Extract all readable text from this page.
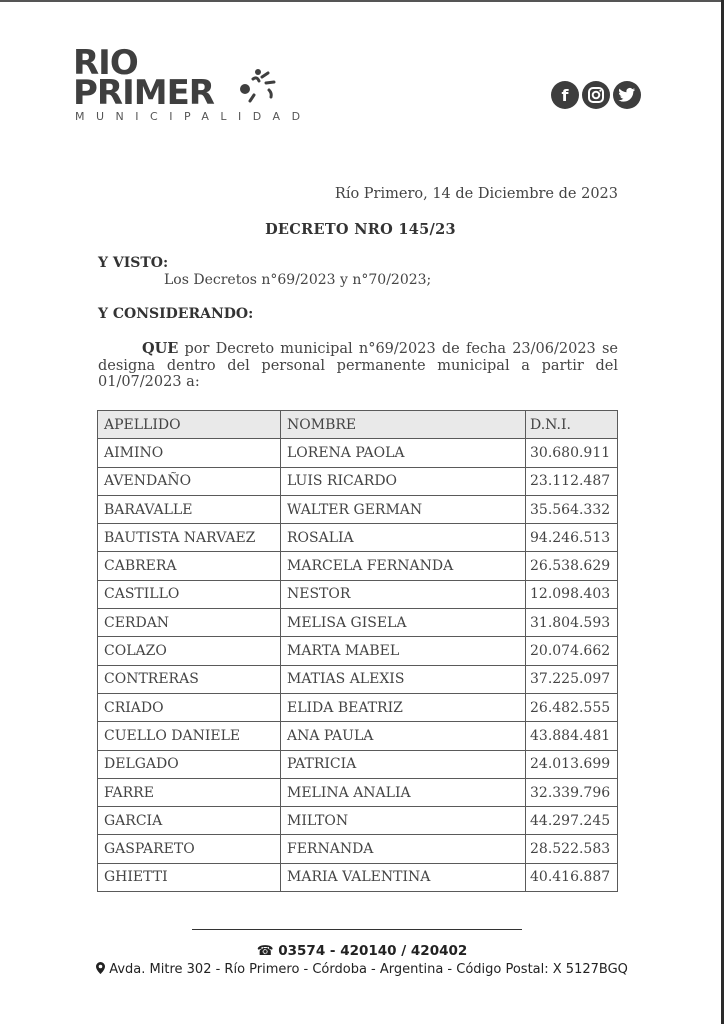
RIO
PRIMER
MUNICIPALIDAD
f
Río Primero, 14 de Diciembre de 2023
DECRETO NRO 145/23
Y VISTO:
Los Decretos n°69/2023 y n°70/2023;
Y CONSIDERANDO:
QUE por Decreto municipal n°69/2023 de fecha 23/06/2023 se designa dentro del personal permanente municipal a partir del 01/07/2023 a:
APELLIDO	NOMBRE	D.N.I.
AIMINO	LORENA PAOLA	30.680.911
AVENDAÑO	LUIS RICARDO	23.112.487
BARAVALLE	WALTER GERMAN	35.564.332
BAUTISTA NARVAEZ	ROSALIA	94.246.513
CABRERA	MARCELA FERNANDA	26.538.629
CASTILLO	NESTOR	12.098.403
CERDAN	MELISA GISELA	31.804.593
COLAZO	MARTA MABEL	20.074.662
CONTRERAS	MATIAS ALEXIS	37.225.097
CRIADO	ELIDA BEATRIZ	26.482.555
CUELLO DANIELE	ANA PAULA	43.884.481
DELGADO	PATRICIA	24.013.699
FARRE	MELINA ANALIA	32.339.796
GARCIA	MILTON	44.297.245
GASPARETO	FERNANDA	28.522.583
GHIETTI	MARIA VALENTINA	40.416.887
☎ 03574 - 420140 / 420402
Avda. Mitre 302 - Río Primero - Córdoba - Argentina - Código Postal: X 5127BGQ
